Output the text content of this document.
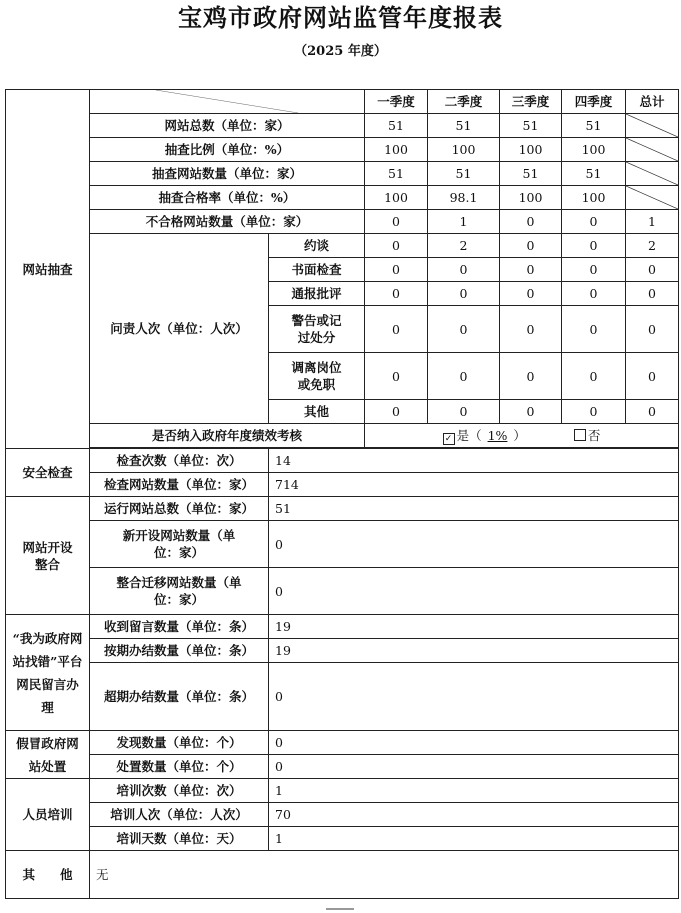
宝鸡市政府网站监管年度报表
（2025 年度）
网站抽查			一季度	二季度	三季度	四季度	总计
	网站总数（单位：家）		51	51	51	51	

	抽查比例（单位：%）		100	100	100	100	

	抽查网站数量（单位：家）		51	51	51	51	

	抽查合格率（单位：%）		100	98.1	100	100	

	不合格网站数量（单位：家）		0	1	0	0	1
	问责人次（单位：人次）	约谈	0	2	0	0	2
		书面检查	0	0	0	0	0
		通报批评	0	0	0	0	0
		警告或记过处分	0	0	0	0	0
		调离岗位或免职	0	0	0	0	0
		其他	0	0	0	0	0
	是否纳入政府年度绩效考核		✓ 是（ 1% ） 否				

安全检查	检查次数（单位：次）	14					
	检查网站数量（单位：家）	714					
网站开设整合	运行网站总数（单位：家）	51					
	新开设网站数量（单位：家）	0					
	整合迁移网站数量（单位：家）	0					
“我为政府网站找错”平台网民留言办理	收到留言数量（单位：条）	19					
	按期办结数量（单位：条）	19					
	超期办结数量（单位：条）	0					
假冒政府网站处置	发现数量（单位：个）	0					
	处置数量（单位：个）	0					
人员培训	培训次数（单位：次）	1					
	培训人次（单位：人次）	70					
	培训天数（单位：天）	1					
其　　他	无						
